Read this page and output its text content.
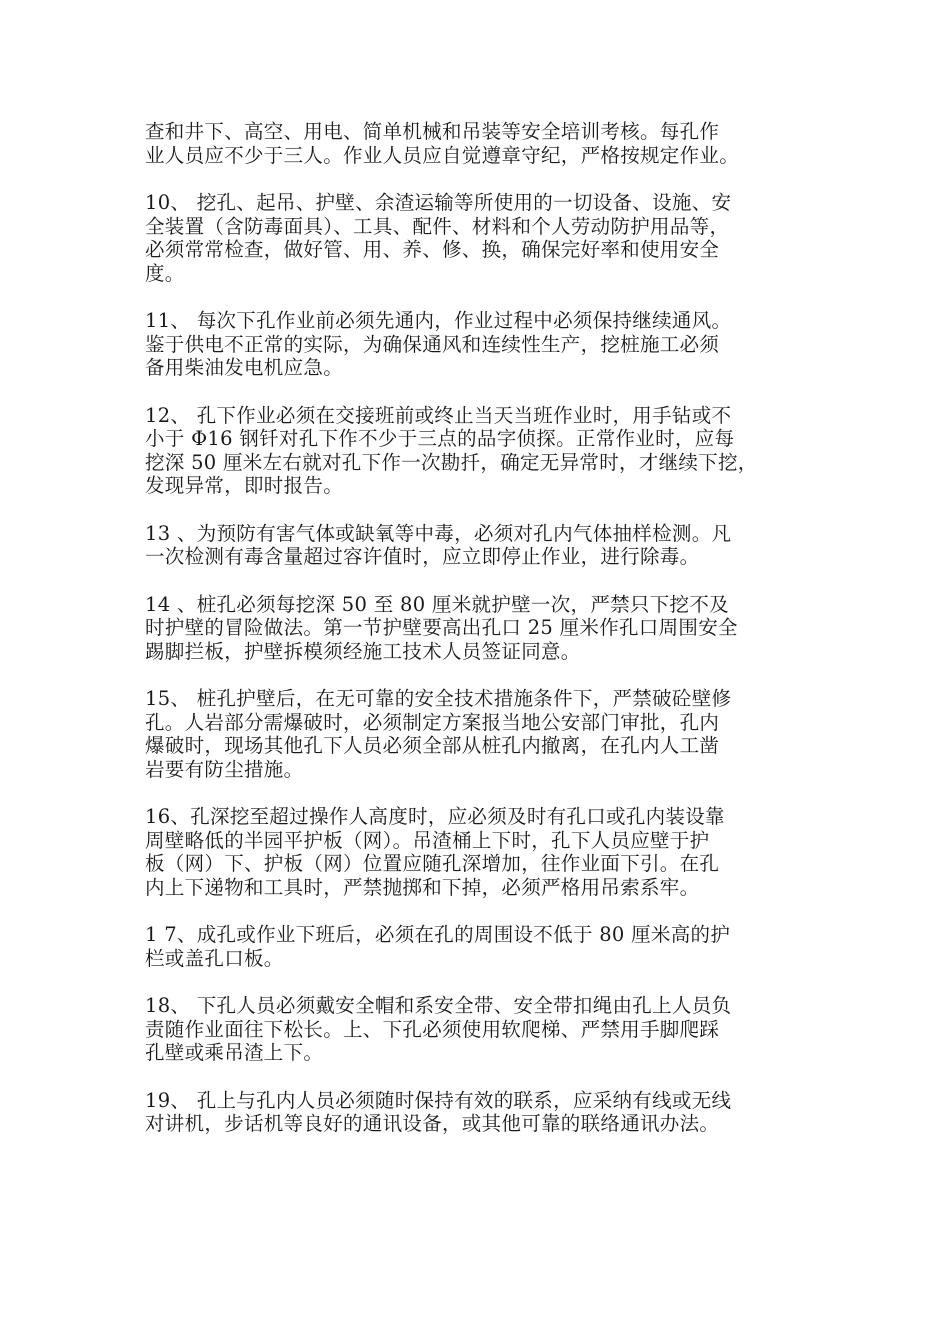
查和井下、高空、用电、简单机械和吊装等安全培训考核。每孔作
业人员应不少于三人。作业人员应自觉遵章守纪，严格按规定作业。

10、 挖孔、起吊、护壁、余渣运输等所使用的一切设备、设施、安
全装置（含防毒面具）、工具、配件、材料和个人劳动防护用品等，
必须常常检查，做好管、用、养、修、换，确保完好率和使用安全
度。

11、 每次下孔作业前必须先通内，作业过程中必须保持继续通风。
鉴于供电不正常的实际，为确保通风和连续性生产，挖桩施工必须
备用柴油发电机应急。

12、 孔下作业必须在交接班前或终止当天当班作业时，用手钻或不
小于 Φ16 钢钎对孔下作不少于三点的品字侦探。正常作业时，应每
挖深 50 厘米左右就对孔下作一次勘扦，确定无异常时，才继续下挖，
发现异常，即时报告。

13 、为预防有害气体或缺氧等中毒，必须对孔内气体抽样检测。凡
一次检测有毒含量超过容许值时，应立即停止作业，进行除毒。

14 、桩孔必须每挖深 50 至 80 厘米就护壁一次，严禁只下挖不及
时护壁的冒险做法。第一节护壁要高出孔口 25 厘米作孔口周围安全
踢脚拦板，护壁拆模须经施工技术人员签证同意。

15、 桩孔护壁后，在无可靠的安全技术措施条件下，严禁破砼壁修
孔。人岩部分需爆破时，必须制定方案报当地公安部门审批，孔内
爆破时，现场其他孔下人员必须全部从桩孔内撤离，在孔内人工凿
岩要有防尘措施。

16、孔深挖至超过操作人高度时，应必须及时有孔口或孔内装设靠
周壁略低的半园平护板（网）。吊渣桶上下时，孔下人员应壁于护
板（网）下、护板（网）位置应随孔深增加，往作业面下引。在孔
内上下递物和工具时，严禁抛掷和下掉，必须严格用吊索系牢。

1 7、成孔或作业下班后，必须在孔的周围设不低于 80 厘米高的护
栏或盖孔口板。

18、 下孔人员必须戴安全帽和系安全带、安全带扣绳由孔上人员负
责随作业面往下松长。上、下孔必须使用软爬梯、严禁用手脚爬踩
孔壁或乘吊渣上下。

19、 孔上与孔内人员必须随时保持有效的联系，应采纳有线或无线
对讲机，步话机等良好的通讯设备，或其他可靠的联络通讯办法。
